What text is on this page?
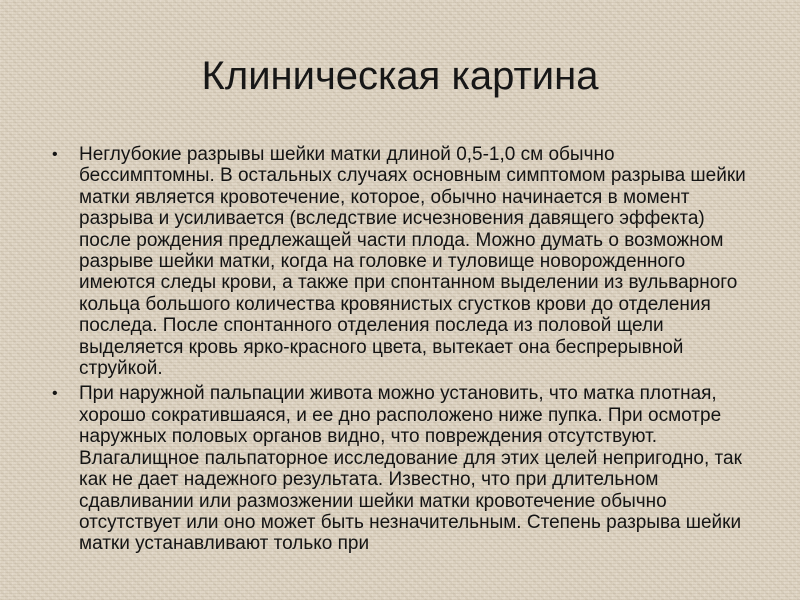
Клиническая картина
• Неглубокие разрывы шейки матки длиной 0,5-1,0 см обычно бессимптомны. В остальных случаях основным симптомом разрыва шейки матки является кровотечение, которое, обычно начинается в момент разрыва и усиливается (вследствие исчезновения давящего эффекта) после рождения предлежащей части плода. Можно думать о возможном разрыве шейки матки, когда на головке и туловище новорожденного имеются следы крови, а также при спонтанном выделении из вульварного кольца большого количества кровянистых сгустков крови до отделения последа. После спонтанного отделения последа из половой щели выделяется кровь ярко-красного цвета, вытекает она беспрерывной струйкой.
• При наружной пальпации живота можно установить, что матка плотная, хорошо сократившаяся, и ее дно расположено ниже пупка. При осмотре наружных половых органов видно, что повреждения отсутствуют. Влагалищное пальпаторное исследование для этих целей непригодно, так как не дает надежного результата. Известно, что при длительном сдавливании или размозжении шейки матки кровотечение обычно отсутствует или оно может быть незначительным. Степень разрыва шейки матки устанавливают только при
